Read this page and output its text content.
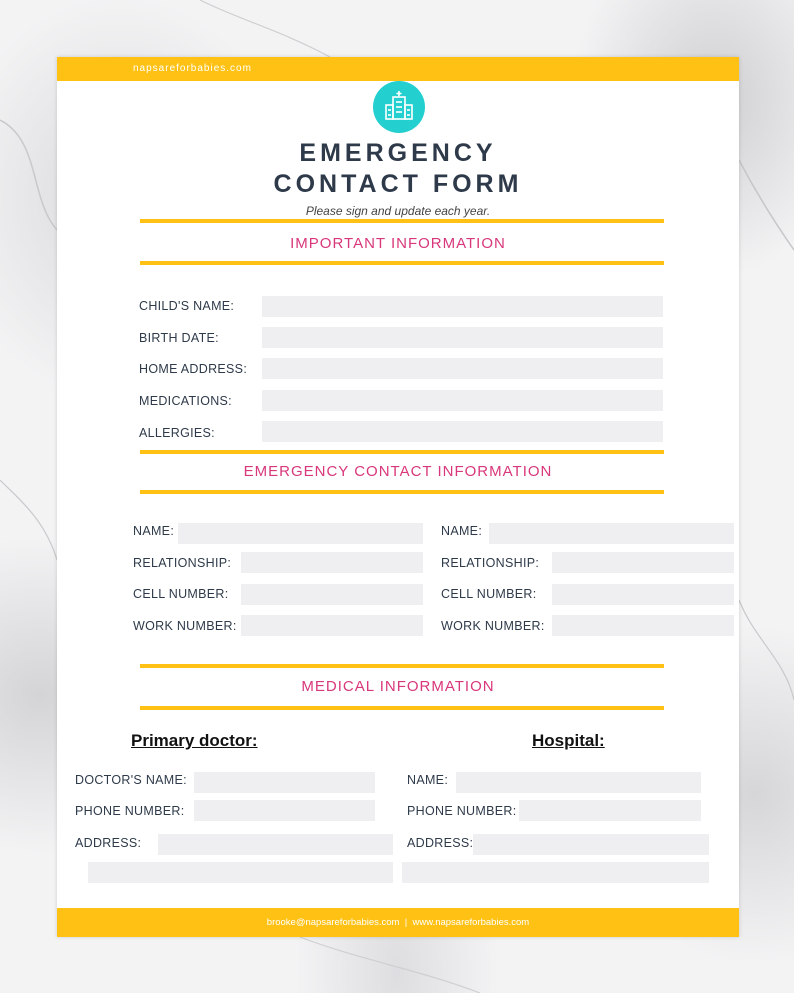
napsareforbabies.com
EMERGENCY
CONTACT FORM
Please sign and update each year.
IMPORTANT INFORMATION
CHILD'S NAME:
BIRTH DATE:
HOME ADDRESS:
MEDICATIONS:
ALLERGIES:
EMERGENCY CONTACT INFORMATION
NAME:
RELATIONSHIP:
CELL NUMBER:
WORK NUMBER:
NAME:
RELATIONSHIP:
CELL NUMBER:
WORK NUMBER:
MEDICAL INFORMATION
Primary doctor:	Hospital:
DOCTOR'S NAME:
PHONE NUMBER:
ADDRESS:
NAME:
PHONE NUMBER:
ADDRESS:
brooke@napsareforbabies.com  |  www.napsareforbabies.com
